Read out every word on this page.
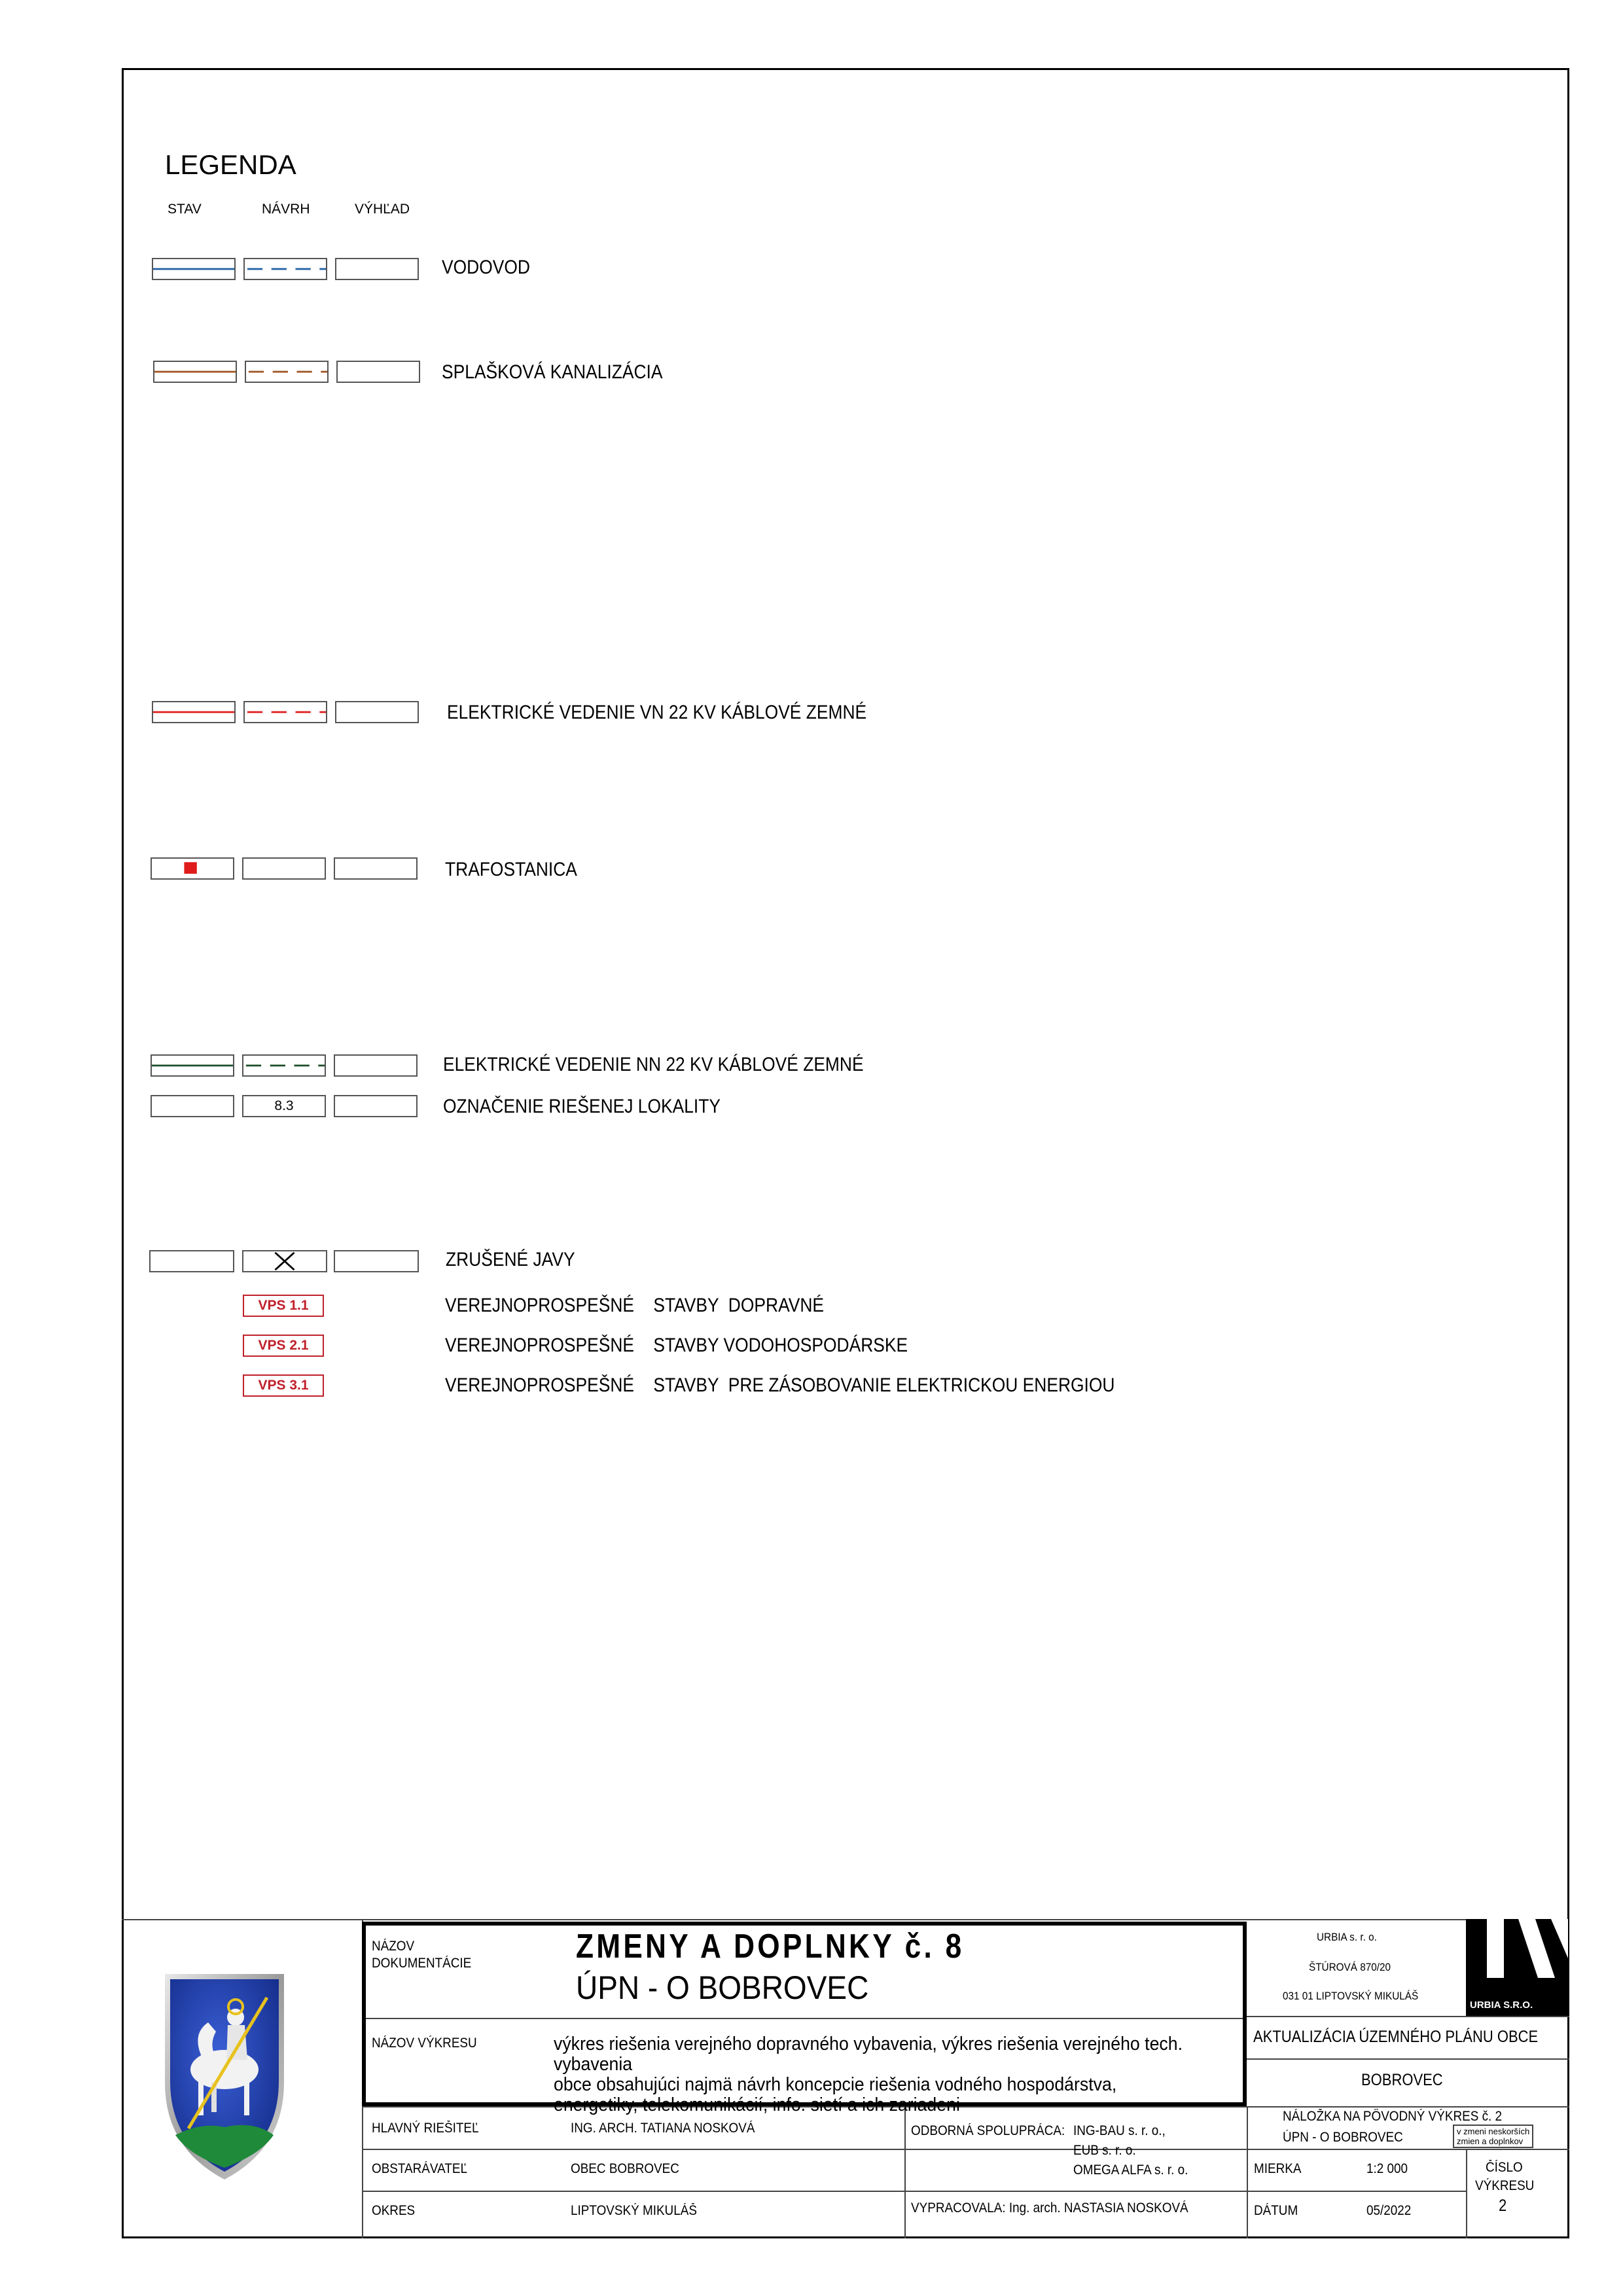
LEGENDA
STAV	NÁVRH	VÝHĽAD
VODOVOD
SPLAŠKOVÁ KANALIZÁCIA
ELEKTRICKÉ VEDENIE VN 22 KV KÁBLOVÉ ZEMNÉ
TRAFOSTANICA
ELEKTRICKÉ VEDENIE NN 22 KV KÁBLOVÉ ZEMNÉ
8.3	OZNAČENIE RIEŠENEJ LOKALITY
ZRUŠENÉ JAVY
VPS 1.1	VEREJNOPROSPEŠNÉ    STAVBY  DOPRAVNÉ
VPS 2.1	VEREJNOPROSPEŠNÉ    STAVBY VODOHOSPODÁRSKE
VPS 3.1	VEREJNOPROSPEŠNÉ    STAVBY  PRE ZÁSOBOVANIE ELEKTRICKOU ENERGIOU
NÁZOV
DOKUMENTÁCIE	ZMENY A DOPLNKY č. 8
ÚPN - O BOBROVEC
NÁZOV VÝKRESU	výkres riešenia verejného dopravného vybavenia, výkres riešenia verejného tech. vybavenia
obce obsahujúci najmä návrh koncepcie riešenia vodného hospodárstva,
energetiky, telekomunikácií, info. sietí a ich zariadeni
URBIA s. r. o.
ŠTÚROVÁ 870/20
031 01 LIPTOVSKÝ MIKULÁŠ
URBIA S.R.O.
AKTUALIZÁCIA ÚZEMNÉHO PLÁNU OBCE
BOBROVEC
NÁLOŽKA NA PÔVODNÝ VÝKRES č. 2
ÚPN - O BOBROVEC	v zmeni neskorších
zmien a doplnkov
HLAVNÝ RIEŠITEĽ	ING. ARCH. TATIANA NOSKOVÁ
OBSTARÁVATEĽ	OBEC BOBROVEC
OKRES	LIPTOVSKÝ MIKULÁŠ
ODBORNÁ SPOLUPRÁCA: ING-BAU s. r. o.,
EUB s. r. o.
OMEGA ALFA s. r. o.
VYPRACOVALA: Ing. arch. NASTASIA NOSKOVÁ
MIERKA	1:2 000
DÁTUM	05/2022
ČÍSLO
VÝKRESU
2
